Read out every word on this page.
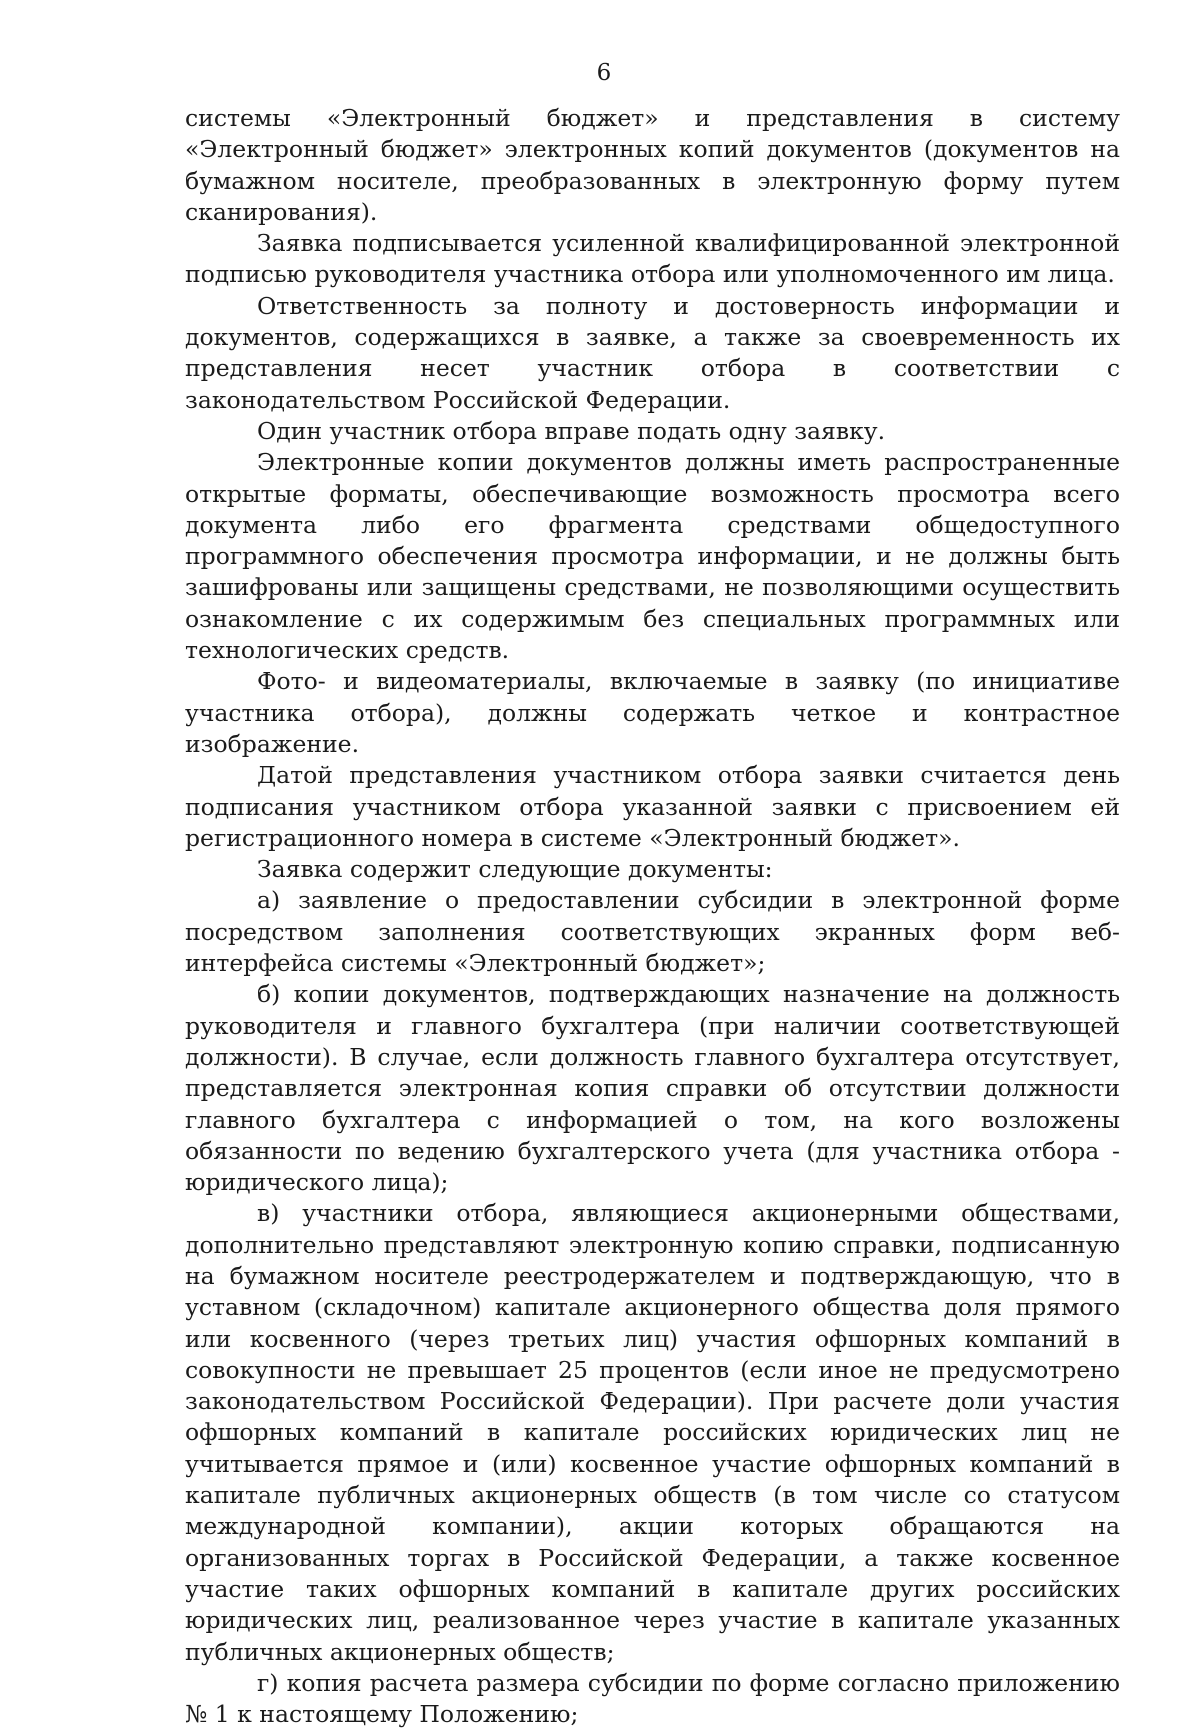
6

системы «Электронный бюджет» и представления в систему «Электронный бюджет» электронных копий документов (документов на бумажном носителе, преобразованных в электронную форму путем сканирования).

Заявка подписывается усиленной квалифицированной электронной подписью руководителя участника отбора или уполномоченного им лица.

Ответственность за полноту и достоверность информации и документов, содержащихся в заявке, а также за своевременность их представления несет участник отбора в соответствии с законодательством Российской Федерации.

Один участник отбора вправе подать одну заявку.

Электронные копии документов должны иметь распространенные открытые форматы, обеспечивающие возможность просмотра всего документа либо его фрагмента средствами общедоступного программного обеспечения просмотра информации, и не должны быть зашифрованы или защищены средствами, не позволяющими осуществить ознакомление с их содержимым без специальных программных или технологических средств.

Фото- и видеоматериалы, включаемые в заявку (по инициативе участника отбора), должны содержать четкое и контрастное изображение.

Датой представления участником отбора заявки считается день подписания участником отбора указанной заявки с присвоением ей регистрационного номера в системе «Электронный бюджет».

Заявка содержит следующие документы:

а) заявление о предоставлении субсидии в электронной форме посредством заполнения соответствующих экранных форм веб-интерфейса системы «Электронный бюджет»;

б) копии документов, подтверждающих назначение на должность руководителя и главного бухгалтера (при наличии соответствующей должности). В случае, если должность главного бухгалтера отсутствует, представляется электронная копия справки об отсутствии должности главного бухгалтера с информацией о том, на кого возложены обязанности по ведению бухгалтерского учета (для участника отбора - юридического лица);

в) участники отбора, являющиеся акционерными обществами, дополнительно представляют электронную копию справки, подписанную на бумажном носителе реестродержателем и подтверждающую, что в уставном (складочном) капитале акционерного общества доля прямого или косвенного (через третьих лиц) участия офшорных компаний в совокупности не превышает 25 процентов (если иное не предусмотрено законодательством Российской Федерации). При расчете доли участия офшорных компаний в капитале российских юридических лиц не учитывается прямое и (или) косвенное участие офшорных компаний в капитале публичных акционерных обществ (в том числе со статусом международной компании), акции которых обращаются на организованных торгах в Российской Федерации, а также косвенное участие таких офшорных компаний в капитале других российских юридических лиц, реализованное через участие в капитале указанных публичных акционерных обществ;

г) копия расчета размера субсидии по форме согласно приложению № 1 к настоящему Положению;
